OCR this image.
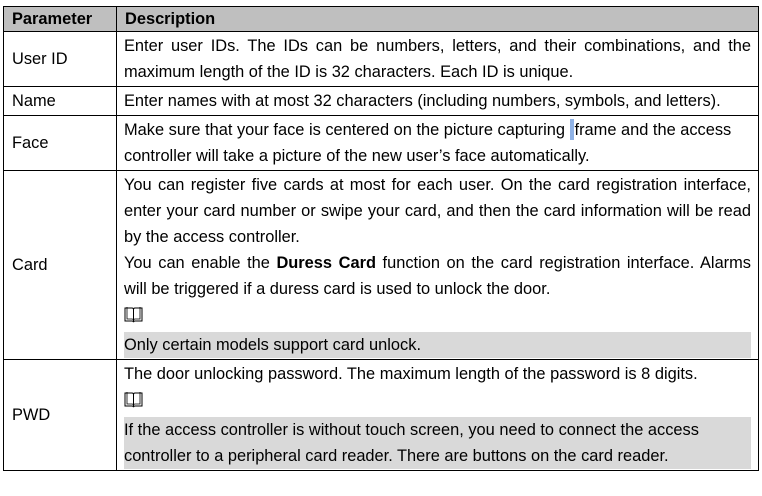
Parameter	Description
User ID	Enter user IDs. The IDs can be numbers, letters, and their combinations, and the maximum length of the ID is 32 characters. Each ID is unique.

Name	Enter names with at most 32 characters (including numbers, symbols, and letters).

Face	Make sure that your face is centered on the picture capturing frame and the access controller will take a picture of the new user’s face automatically.

Card	You can register five cards at most for each user. On the card registration interface, enter your card number or swipe your card, and then the card information will be read by the access controller.
You can enable the Duress Card function on the card registration interface. Alarms will be triggered if a duress card is used to unlock the door.
Only certain models support card unlock.

PWD	The door unlocking password. The maximum length of the password is 8 digits.
If the access controller is without touch screen, you need to connect the access controller to a peripheral card reader. There are buttons on the card reader.
